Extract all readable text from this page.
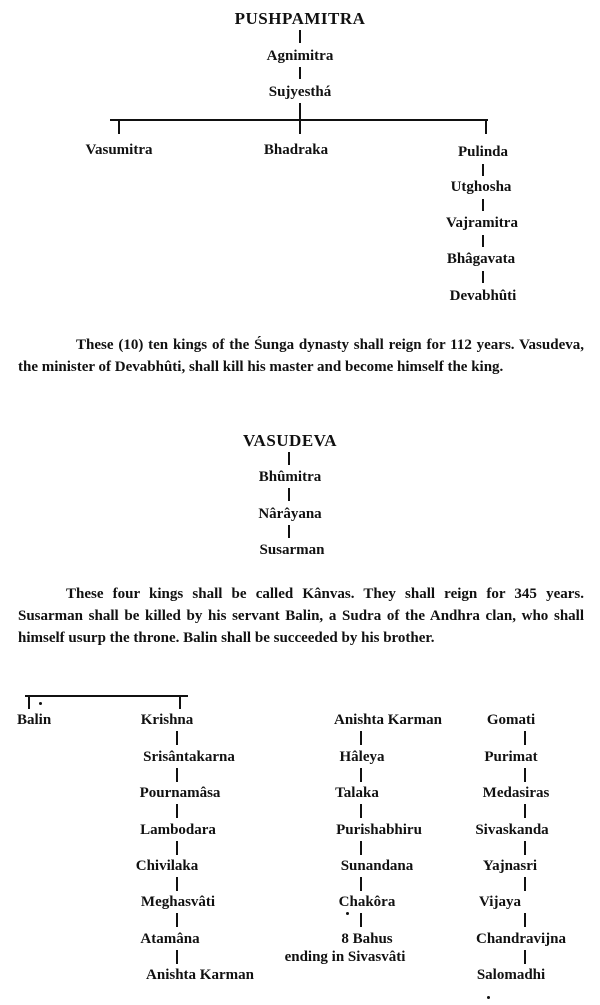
PUSHPAMITRA
Agnimitra
Sujyesthá
Vasumitra	Bhadraka	Pulinda
Utghosha
Vajramitra
Bhâgavata
Devabhûti

These (10) ten kings of the Śunga dynasty shall reign for 112 years. Vasudeva, the minister of Devabhûti, shall kill his master and become himself the king.

VASUDEVA
Bhûmitra
Nârâyana
Susarman

These four kings shall be called Kânvas. They shall reign for 345 years. Susarman shall be killed by his servant Balin, a Sudra of the Andhra clan, who shall himself usurp the throne. Balin shall be succeeded by his brother.

Balin	Krishna
Srisântakarna
Pournamâsa
Lambodara
Chivilaka
Meghasvâti
Atamâna
Anishta Karman
Anishta Karman
Hâleya
Talaka
Purishabhiru
Sunandana
Chakôra
8 Bahus
ending in Sivasvâti
Gomati
Purimat
Medasiras
Sivaskanda
Yajnasri
Vijaya
Chandravijna
Salomadhi
